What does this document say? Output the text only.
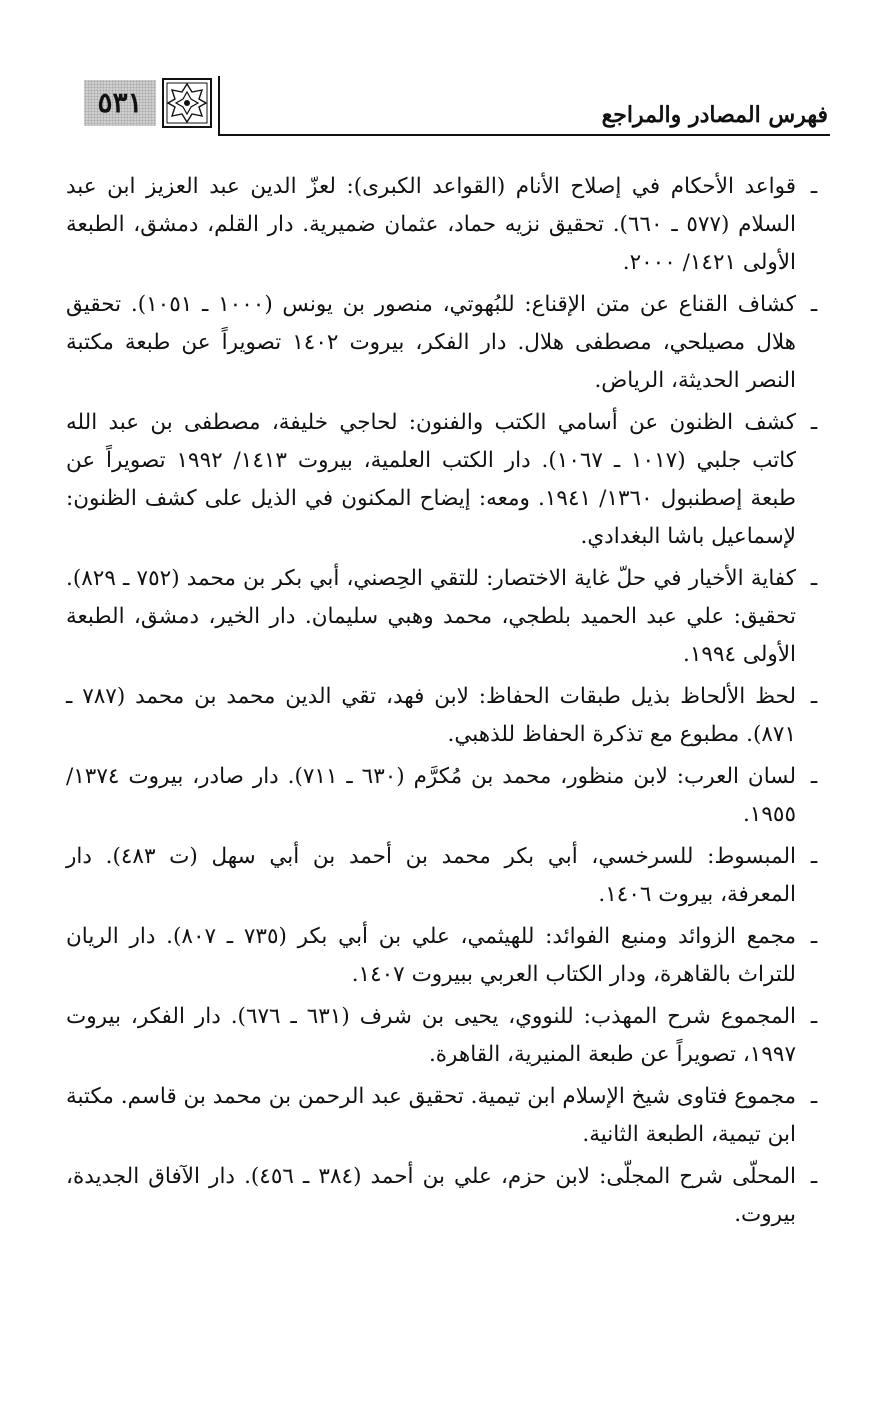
٥٣١	فهرس المصادر والمراجع
ـ
قواعد الأحكام في إصلاح الأنام (القواعد الكبرى): لعزّ الدين عبد العزيز ابن عبد السلام (٥٧٧ ـ ٦٦٠). تحقيق نزيه حماد، عثمان ضميرية. دار القلم، دمشق، الطبعة الأولى ١٤٢١/ ٢٠٠٠.
ـ
كشاف القناع عن متن الإقناع: للبُهوتي، منصور بن يونس (١٠٠٠ ـ ١٠٥١). تحقيق هلال مصيلحي، مصطفى هلال. دار الفكر، بيروت ١٤٠٢ تصويراً عن طبعة مكتبة النصر الحديثة، الرياض.
ـ
كشف الظنون عن أسامي الكتب والفنون: لحاجي خليفة، مصطفى بن عبد الله كاتب جلبي (١٠١٧ ـ ١٠٦٧). دار الكتب العلمية، بيروت ١٤١٣/ ١٩٩٢ تصويراً عن طبعة إصطنبول ١٣٦٠/ ١٩٤١. ومعه: إيضاح المكنون في الذيل على كشف الظنون: لإسماعيل باشا البغدادي.
ـ
كفاية الأخيار في حلّ غاية الاختصار: للتقي الحِصني، أبي بكر بن محمد (٧٥٢ ـ ٨٢٩). تحقيق: علي عبد الحميد بلطجي، محمد وهبي سليمان. دار الخير، دمشق، الطبعة الأولى ١٩٩٤.
ـ
لحظ الألحاظ بذيل طبقات الحفاظ: لابن فهد، تقي الدين محمد بن محمد (٧٨٧ ـ ٨٧١). مطبوع مع تذكرة الحفاظ للذهبي.
ـ
لسان العرب: لابن منظور، محمد بن مُكرَّم (٦٣٠ ـ ٧١١). دار صادر، بيروت ١٣٧٤/ ١٩٥٥.
ـ
المبسوط: للسرخسي، أبي بكر محمد بن أحمد بن أبي سهل (ت ٤٨٣). دار المعرفة، بيروت ١٤٠٦.
ـ
مجمع الزوائد ومنبع الفوائد: للهيثمي، علي بن أبي بكر (٧٣٥ ـ ٨٠٧). دار الريان للتراث بالقاهرة، ودار الكتاب العربي ببيروت ١٤٠٧.
ـ
المجموع شرح المهذب: للنووي، يحيى بن شرف (٦٣١ ـ ٦٧٦). دار الفكر، بيروت ١٩٩٧، تصويراً عن طبعة المنيرية، القاهرة.
ـ
مجموع فتاوى شيخ الإسلام ابن تيمية. تحقيق عبد الرحمن بن محمد بن قاسم. مكتبة ابن تيمية، الطبعة الثانية.
ـ
المحلّى شرح المجلّى: لابن حزم، علي بن أحمد (٣٨٤ ـ ٤٥٦). دار الآفاق الجديدة، بيروت.
